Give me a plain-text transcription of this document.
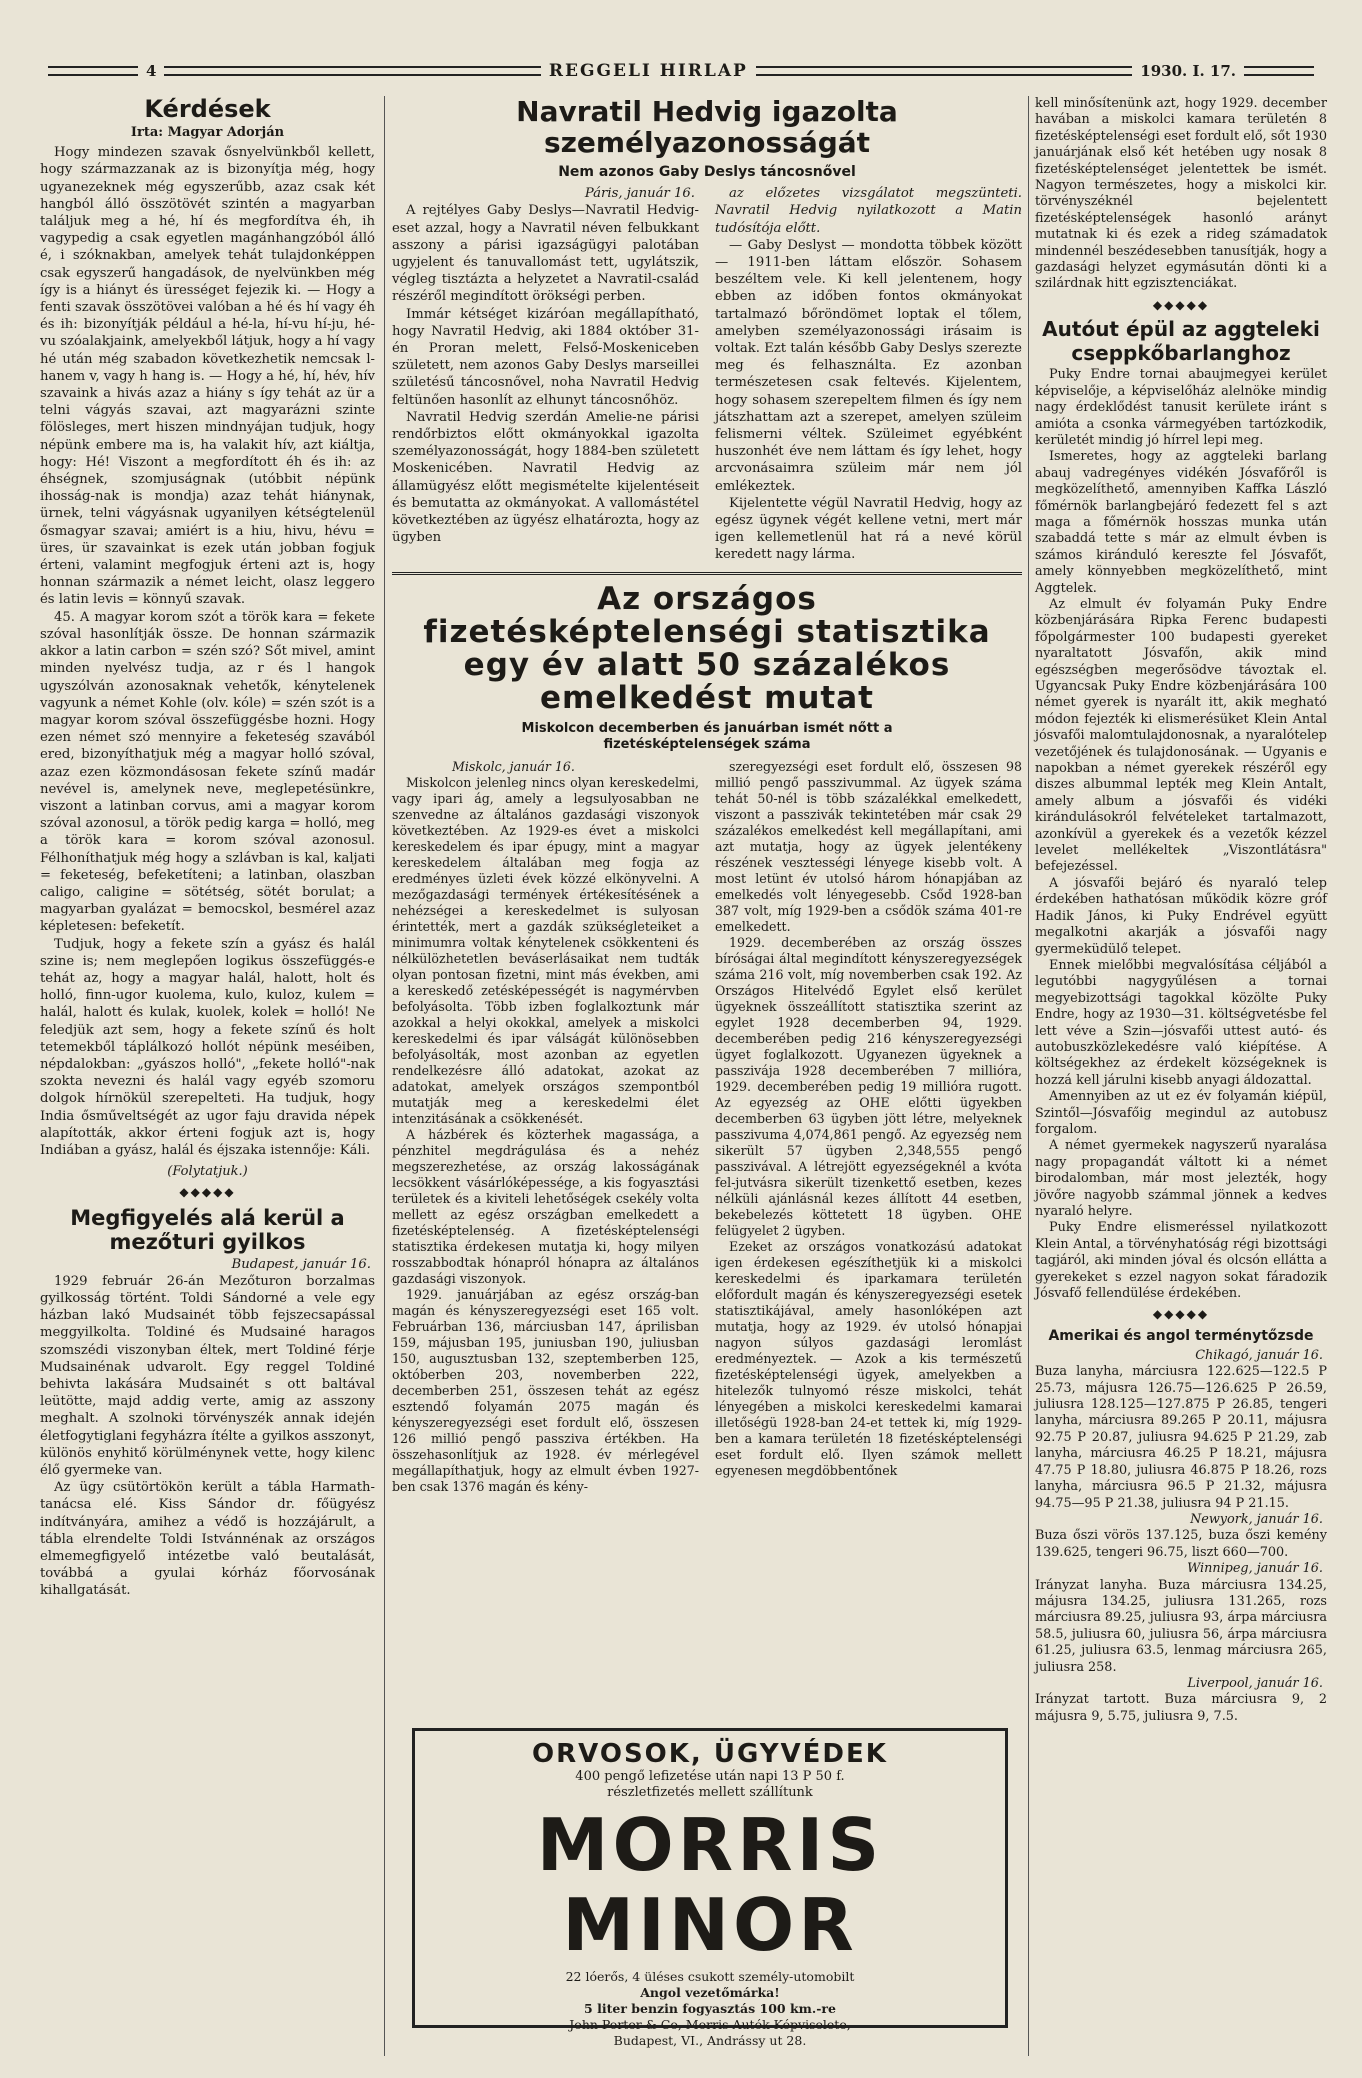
4	REGGELI HIRLAP	1930. I. 17.
Kérdések
Irta: Magyar Adorján

Hogy mindezen szavak ősnyelvünkből kellett, hogy származzanak az is bizonyítja még, hogy ugyanezeknek még egyszerűbb, azaz csak két hangból álló összötövét szintén a magyarban találjuk meg a hé, hí és megfordítva éh, ih vagypedig a csak egyetlen magánhangzóból álló é, i szóknakban, amelyek tehát tulajdonképpen csak egyszerű hangadások, de nyelvünkben még így is a hiányt és ürességet fejezik ki. — Hogy a fenti szavak összötövei valóban a hé és hí vagy éh és ih: bizonyítják például a hé-la, hí-vu hí-ju, hé-vu szóalakjaink, amelyekből látjuk, hogy a hí vagy hé után még szabadon következhetik nemcsak l- hanem v, vagy h hang is. — Hogy a hé, hí, hév, hív szavaink a hivás azaz a hiány s így tehát az ür a telni vágyás szavai, azt magyarázni szinte fölösleges, mert hiszen mindnyájan tudjuk, hogy népünk embere ma is, ha valakit hív, azt kiáltja, hogy: Hé! Viszont a megfordított éh és ih: az éhségnek, szomjuságnak (utóbbit népünk ihosság-nak is mondja) azaz tehát hiánynak, ürnek, telni vágyásnak ugyanilyen kétségtelenül ősmagyar szavai; amiért is a hiu, hivu, hévu = üres, ür szavainkat is ezek után jobban fogjuk érteni, valamint megfogjuk érteni azt is, hogy honnan származik a német leicht, olasz leggero és latin levis = könnyű szavak.

45. A magyar korom szót a török kara = fekete szóval hasonlítják össze. De honnan származik akkor a latin carbon = szén szó? Sőt mivel, amint minden nyelvész tudja, az r és l hangok ugyszólván azonosaknak vehetők, kénytelenek vagyunk a német Kohle (olv. kóle) = szén szót is a magyar korom szóval összefüggésbe hozni. Hogy ezen német szó mennyire a feketeség szavából ered, bizonyíthatjuk még a magyar holló szóval, azaz ezen közmondásosan fekete színű madár nevével is, amelynek neve, meglepetésünkre, viszont a latinban corvus, ami a magyar korom szóval azonosul, a török pedig karga = holló, meg a török kara = korom szóval azonosul. Félhoníthatjuk még hogy a szlávban is kal, kaljati = feketeség, befeketíteni; a latinban, olaszban caligo, caligine = sötétség, sötét borulat; a magyarban gyalázat = bemocskol, besmérel azaz képletesen: befeketít.

Tudjuk, hogy a fekete szín a gyász és halál szine is; nem meglepően logikus összefüggés-e tehát az, hogy a magyar halál, halott, holt és holló, finn-ugor kuolema, kulo, kuloz, kulem = halál, halott és kulak, kuolek, kolek = holló! Ne feledjük azt sem, hogy a fekete színű és holt tetemekből táplálkozó hollót népünk meséiben, népdalokban: „gyászos holló", „fekete holló"-nak szokta nevezni és halál vagy egyéb szomoru dolgok hírnökül szerepelteti. Ha tudjuk, hogy India ősműveltségét az ugor faju dravida népek alapították, akkor érteni fogjuk azt is, hogy Indiában a gyász, halál és éjszaka istennője: Káli.

(Folytatjuk.)
◆◆◆◆◆
Megfigyelés alá kerül a mezőturi gyilkos
Budapest, január 16.

1929 február 26-án Mezőturon borzalmas gyilkosság történt. Toldi Sándorné a vele egy házban lakó Mudsainét több fejszecsapással meggyilkolta. Toldiné és Mudsainé haragos szomszédi viszonyban éltek, mert Toldiné férje Mudsainénak udvarolt. Egy reggel Toldiné behivta lakására Mudsainét s ott baltával leütötte, majd addig verte, amig az asszony meghalt. A szolnoki törvényszék annak idején életfogytiglani fegyházra ítélte a gyilkos asszonyt, különös enyhitő körülménynek vette, hogy kilenc élő gyermeke van.

Az ügy csütörtökön került a tábla Harmath-tanácsa elé. Kiss Sándor dr. főügyész indítványára, amihez a védő is hozzájárult, a tábla elrendelte Toldi Istvánnénak az országos elmemegfigyelő intézetbe való beutalását, továbbá a gyulai kórház főorvosának kihallgatását.

Navratil Hedvig igazolta személyazonosságát
Nem azonos Gaby Deslys táncosnővel
Páris, január 16.

A rejtélyes Gaby Deslys—Navratil Hedvig-eset azzal, hogy a Navratil néven felbukkant asszony a párisi igazságügyi palotában ugyjelent és tanuvallomást tett, ugylátszik, végleg tisztázta a helyzetet a Navratil-család részéről megindított örökségi perben.

Immár kétséget kizáróan megállapítható, hogy Navratil Hedvig, aki 1884 október 31-én Proran melett, Felső-Moskeniceben született, nem azonos Gaby Deslys marseillei születésű táncosnővel, noha Navratil Hedvig feltünően hasonlít az elhunyt táncosnőhöz.

Navratil Hedvig szerdán Amelie-ne párisi rendőrbiztos előtt okmányokkal igazolta személyazonosságát, hogy 1884-ben született Moskenicében. Navratil Hedvig az államügyész előtt megismételte kijelentéseit és bemutatta az okmányokat. A vallomástétel következtében az ügyész elhatározta, hogy az ügyben

az előzetes vizsgálatot megszünteti. Navratil Hedvig nyilatkozott a Matin tudósítója előtt.

— Gaby Deslyst — mondotta többek között — 1911-ben láttam először. Sohasem beszéltem vele. Ki kell jelentenem, hogy ebben az időben fontos okmányokat tartalmazó bőröndömet loptak el tőlem, amelyben személyazonossági irásaim is voltak. Ezt talán később Gaby Deslys szerezte meg és felhasználta. Ez azonban természetesen csak feltevés. Kijelentem, hogy sohasem szerepeltem filmen és így nem játszhattam azt a szerepet, amelyen szüleim felismerni véltek. Szüleimet egyébként huszonhét éve nem láttam és így lehet, hogy arcvonásaimra szüleim már nem jól emlékeztek.

Kijelentette végül Navratil Hedvig, hogy az egész ügynek végét kellene vetni, mert már igen kellemetlenül hat rá a nevé körül keredett nagy lárma.

Az országos fizetésképtelenségi statisztika egy év alatt 50 százalékos emelkedést mutat
Miskolcon decemberben és januárban ismét nőtt a fizetésképtelenségek száma
Miskolc, január 16.

Miskolcon jelenleg nincs olyan kereskedelmi, vagy ipari ág, amely a legsulyosabban ne szenvedne az általános gazdasági viszonyok következtében. Az 1929-es évet a miskolci kereskedelem és ipar épugy, mint a magyar kereskedelem általában meg fogja az eredményes üzleti évek közzé elkönyvelni. A mezőgazdasági termények értékesítésének a nehézségei a kereskedelmet is sulyosan érintették, mert a gazdák szükségleteiket a minimumra voltak kénytelenek csökkenteni és nélkülözhetetlen beváserlásaikat nem tudták olyan pontosan fizetni, mint más években, ami a kereskedő zetésképességét is nagymérvben befolyásolta. Több izben foglalkoztunk már azokkal a helyi okokkal, amelyek a miskolci kereskedelmi és ipar válságát különösebben befolyásolták, most azonban az egyetlen rendelkezésre álló adatokat, azokat az adatokat, amelyek országos szempontból mutatják meg a kereskedelmi élet intenzitásának a csökkenését.

A házbérek és közterhek magassága, a pénzhitel megdrágulása és a nehéz megszerezhetése, az ország lakosságának lecsökkent vásárlóképessége, a kis fogyasztási területek és a kiviteli lehetőségek csekély volta mellett az egész országban emelkedett a fizetésképtelenség. A fizetésképtelenségi statisztika érdekesen mutatja ki, hogy milyen rosszabbodtak hónapról hónapra az általános gazdasági viszonyok.

1929. januárjában az egész ország-ban magán és kényszeregyezségi eset 165 volt. Februárban 136, márciusban 147, áprilisban 159, májusban 195, juniusban 190, juliusban 150, augusztusban 132, szeptemberben 125, októberben 203, novemberben 222, decemberben 251, összesen tehát az egész esztendő folyamán 2075 magán és kényszeregyezségi eset fordult elő, összesen 126 millió pengő passziva értékben. Ha összehasonlítjuk az 1928. év mérlegével megállapíthatjuk, hogy az elmult évben 1927-ben csak 1376 magán és kény-

szeregyezségi eset fordult elő, összesen 98 millió pengő passzivummal. Az ügyek száma tehát 50-nél is több százalékkal emelkedett, viszont a passzivák tekintetében már csak 29 százalékos emelkedést kell megállapítani, ami azt mutatja, hogy az ügyek jelentékeny részének vesztességi lényege kisebb volt. A most letünt év utolsó három hónapjában az emelkedés volt lényegesebb. Csőd 1928-ban 387 volt, míg 1929-ben a csődök száma 401-re emelkedett.

1929. decemberében az ország összes bíróságai által megindított kényszeregyezségek száma 216 volt, míg novemberben csak 192. Az Országos Hitelvédő Egylet első kerület ügyeknek összeállított statisztika szerint az egylet 1928 decemberben 94, 1929. decemberében pedig 216 kényszeregyezségi ügyet foglalkozott. Ugyanezen ügyeknek a passzivája 1928 decemberében 7 millióra, 1929. decemberében pedig 19 millióra rugott. Az egyezség az OHE előtti ügyekben decemberben 63 ügyben jött létre, melyeknek passzivuma 4,074,861 pengő. Az egyezség nem sikerült 57 ügyben 2,348,555 pengő passzivával. A létrejött egyezségeknél a kvóta fel-jutvásra sikerült tizenkettő esetben, kezes nélküli ajánlásnál kezes állított 44 esetben, bekebelezés köttetett 18 ügyben. OHE felügyelet 2 ügyben.

Ezeket az országos vonatkozású adatokat igen érdekesen egészíthetjük ki a miskolci kereskedelmi és iparkamara területén előfordult magán és kényszeregyezségi esetek statisztikájával, amely hasonlóképen azt mutatja, hogy az 1929. év utolsó hónapjai nagyon súlyos gazdasági leromlást eredményeztek. — Azok a kis természetű fizetésképtelenségi ügyek, amelyekben a hitelezők tulnyomó része miskolci, tehát lényegében a miskolci kereskedelmi kamarai illetőségü 1928-ban 24-et tettek ki, míg 1929-ben a kamara területén 18 fizetésképtelenségi eset fordult elő. Ilyen számok mellett egyenesen megdöbbentőnek

ORVOSOK, ÜGYVÉDEK
400 pengő lefizetése után napi 13 P 50 f.
részletfizetés mellett szállítunk
MORRIS MINOR
22 lóerős, 4 üléses csukott személy-utomobilt
Angol vezetőmárka!
5 liter benzin fogyasztás 100 km.-re
John Porter & Co, Morris Autók Képviselete,
Budapest, VI., Andrássy ut 28.

kell minősítenünk azt, hogy 1929. december havában a miskolci kamara területén 8 fizetésképtelenségi eset fordult elő, sőt 1930 januárjának első két hetében ugy nosak 8 fizetésképtelenséget jelentettek be ismét. Nagyon természetes, hogy a miskolci kir. törvényszéknél bejelentett fizetésképtelenségek hasonló arányt mutatnak ki és ezek a rideg számadatok mindennél beszédesebben tanusítják, hogy a gazdasági helyzet egymásután dönti ki a szilárdnak hitt egzisztenciákat.

◆◆◆◆◆
Autóut épül az aggteleki cseppkőbarlanghoz

Puky Endre tornai abaujmegyei kerület képviselője, a képviselőház alelnöke mindig nagy érdeklődést tanusit kerülete iránt s amióta a csonka vármegyében tartózkodik, kerületét mindig jó hírrel lepi meg.

Ismeretes, hogy az aggteleki barlang abauj vadregényes vidékén Jósvafőről is megközelíthető, amennyiben Kaffka László főmérnök barlangbejáró fedezett fel s azt maga a főmérnök hosszas munka után szabaddá tette s már az elmult évben is számos kiránduló kereszte fel Jósvafőt, amely könnyebben megközelíthető, mint Aggtelek.

Az elmult év folyamán Puky Endre közbenjárására Ripka Ferenc budapesti főpolgármester 100 budapesti gyereket nyaraltatott Jósvafőn, akik mind egészségben megerősödve távoztak el. Ugyancsak Puky Endre közbenjárására 100 német gyerek is nyarált itt, akik megható módon fejezték ki elismerésüket Klein Antal jósvafői malomtulajdonosnak, a nyaralótelep vezetőjének és tulajdonosának. — Ugyanis e napokban a német gyerekek részéről egy diszes albummal lepték meg Klein Antalt, amely album a jósvafői és vidéki kirándulásokról felvételeket tartalmazott, azonkívül a gyerekek és a vezetők kézzel levelet mellékeltek „Viszontlátásra" befejezéssel.

A jósvafői bejáró és nyaraló telep érdekében hathatósan működik közre gróf Hadik János, ki Puky Endrével együtt megalkotni akarják a jósvafői nagy gyermeküdülő telepet.

Ennek mielőbbi megvalósítása céljából a legutóbbi nagygyűlésen a tornai megyebizottsági tagokkal közölte Puky Endre, hogy az 1930—31. költségvetésbe fel lett véve a Szin—jósvafői uttest autó- és autobuszközlekedésre való kiépítése. A költségekhez az érdekelt községeknek is hozzá kell járulni kisebb anyagi áldozattal.

Amennyiben az ut ez év folyamán kiépül, Szintől—Jósvafőig megindul az autobusz forgalom.

A német gyermekek nagyszerű nyaralása nagy propagandát váltott ki a német birodalomban, már most jelezték, hogy jövőre nagyobb számmal jönnek a kedves nyaraló helyre.

Puky Endre elismeréssel nyilatkozott Klein Antal, a törvényhatóság régi bizottsági tagjáról, aki minden jóval és olcsón ellátta a gyerekeket s ezzel nagyon sokat fáradozik Jósvafő fellendülése érdekében.

◆◆◆◆◆
Amerikai és angol terménytőzsde
Chikagó, január 16.

Buza lanyha, márciusra 122.625—122.5 P 25.73, májusra 126.75—126.625 P 26.59, juliusra 128.125—127.875 P 26.85, tengeri lanyha, márciusra 89.265 P 20.11, májusra 92.75 P 20.87, juliusra 94.625 P 21.29, zab lanyha, márciusra 46.25 P 18.21, májusra 47.75 P 18.80, juliusra 46.875 P 18.26, rozs lanyha, márciusra 96.5 P 21.32, májusra 94.75—95 P 21.38, juliusra 94 P 21.15.

Newyork, január 16.

Buza őszi vörös 137.125, buza őszi kemény 139.625, tengeri 96.75, liszt 660—700.

Winnipeg, január 16.

Irányzat lanyha. Buza márciusra 134.25, májusra 134.25, juliusra 131.265, rozs márciusra 89.25, juliusra 93, árpa márciusra 58.5, juliusra 60, juliusra 56, árpa márciusra 61.25, juliusra 63.5, lenmag márciusra 265, juliusra 258.

Liverpool, január 16.

Irányzat tartott. Buza márciusra 9, 2 májusra 9, 5.75, juliusra 9, 7.5.
